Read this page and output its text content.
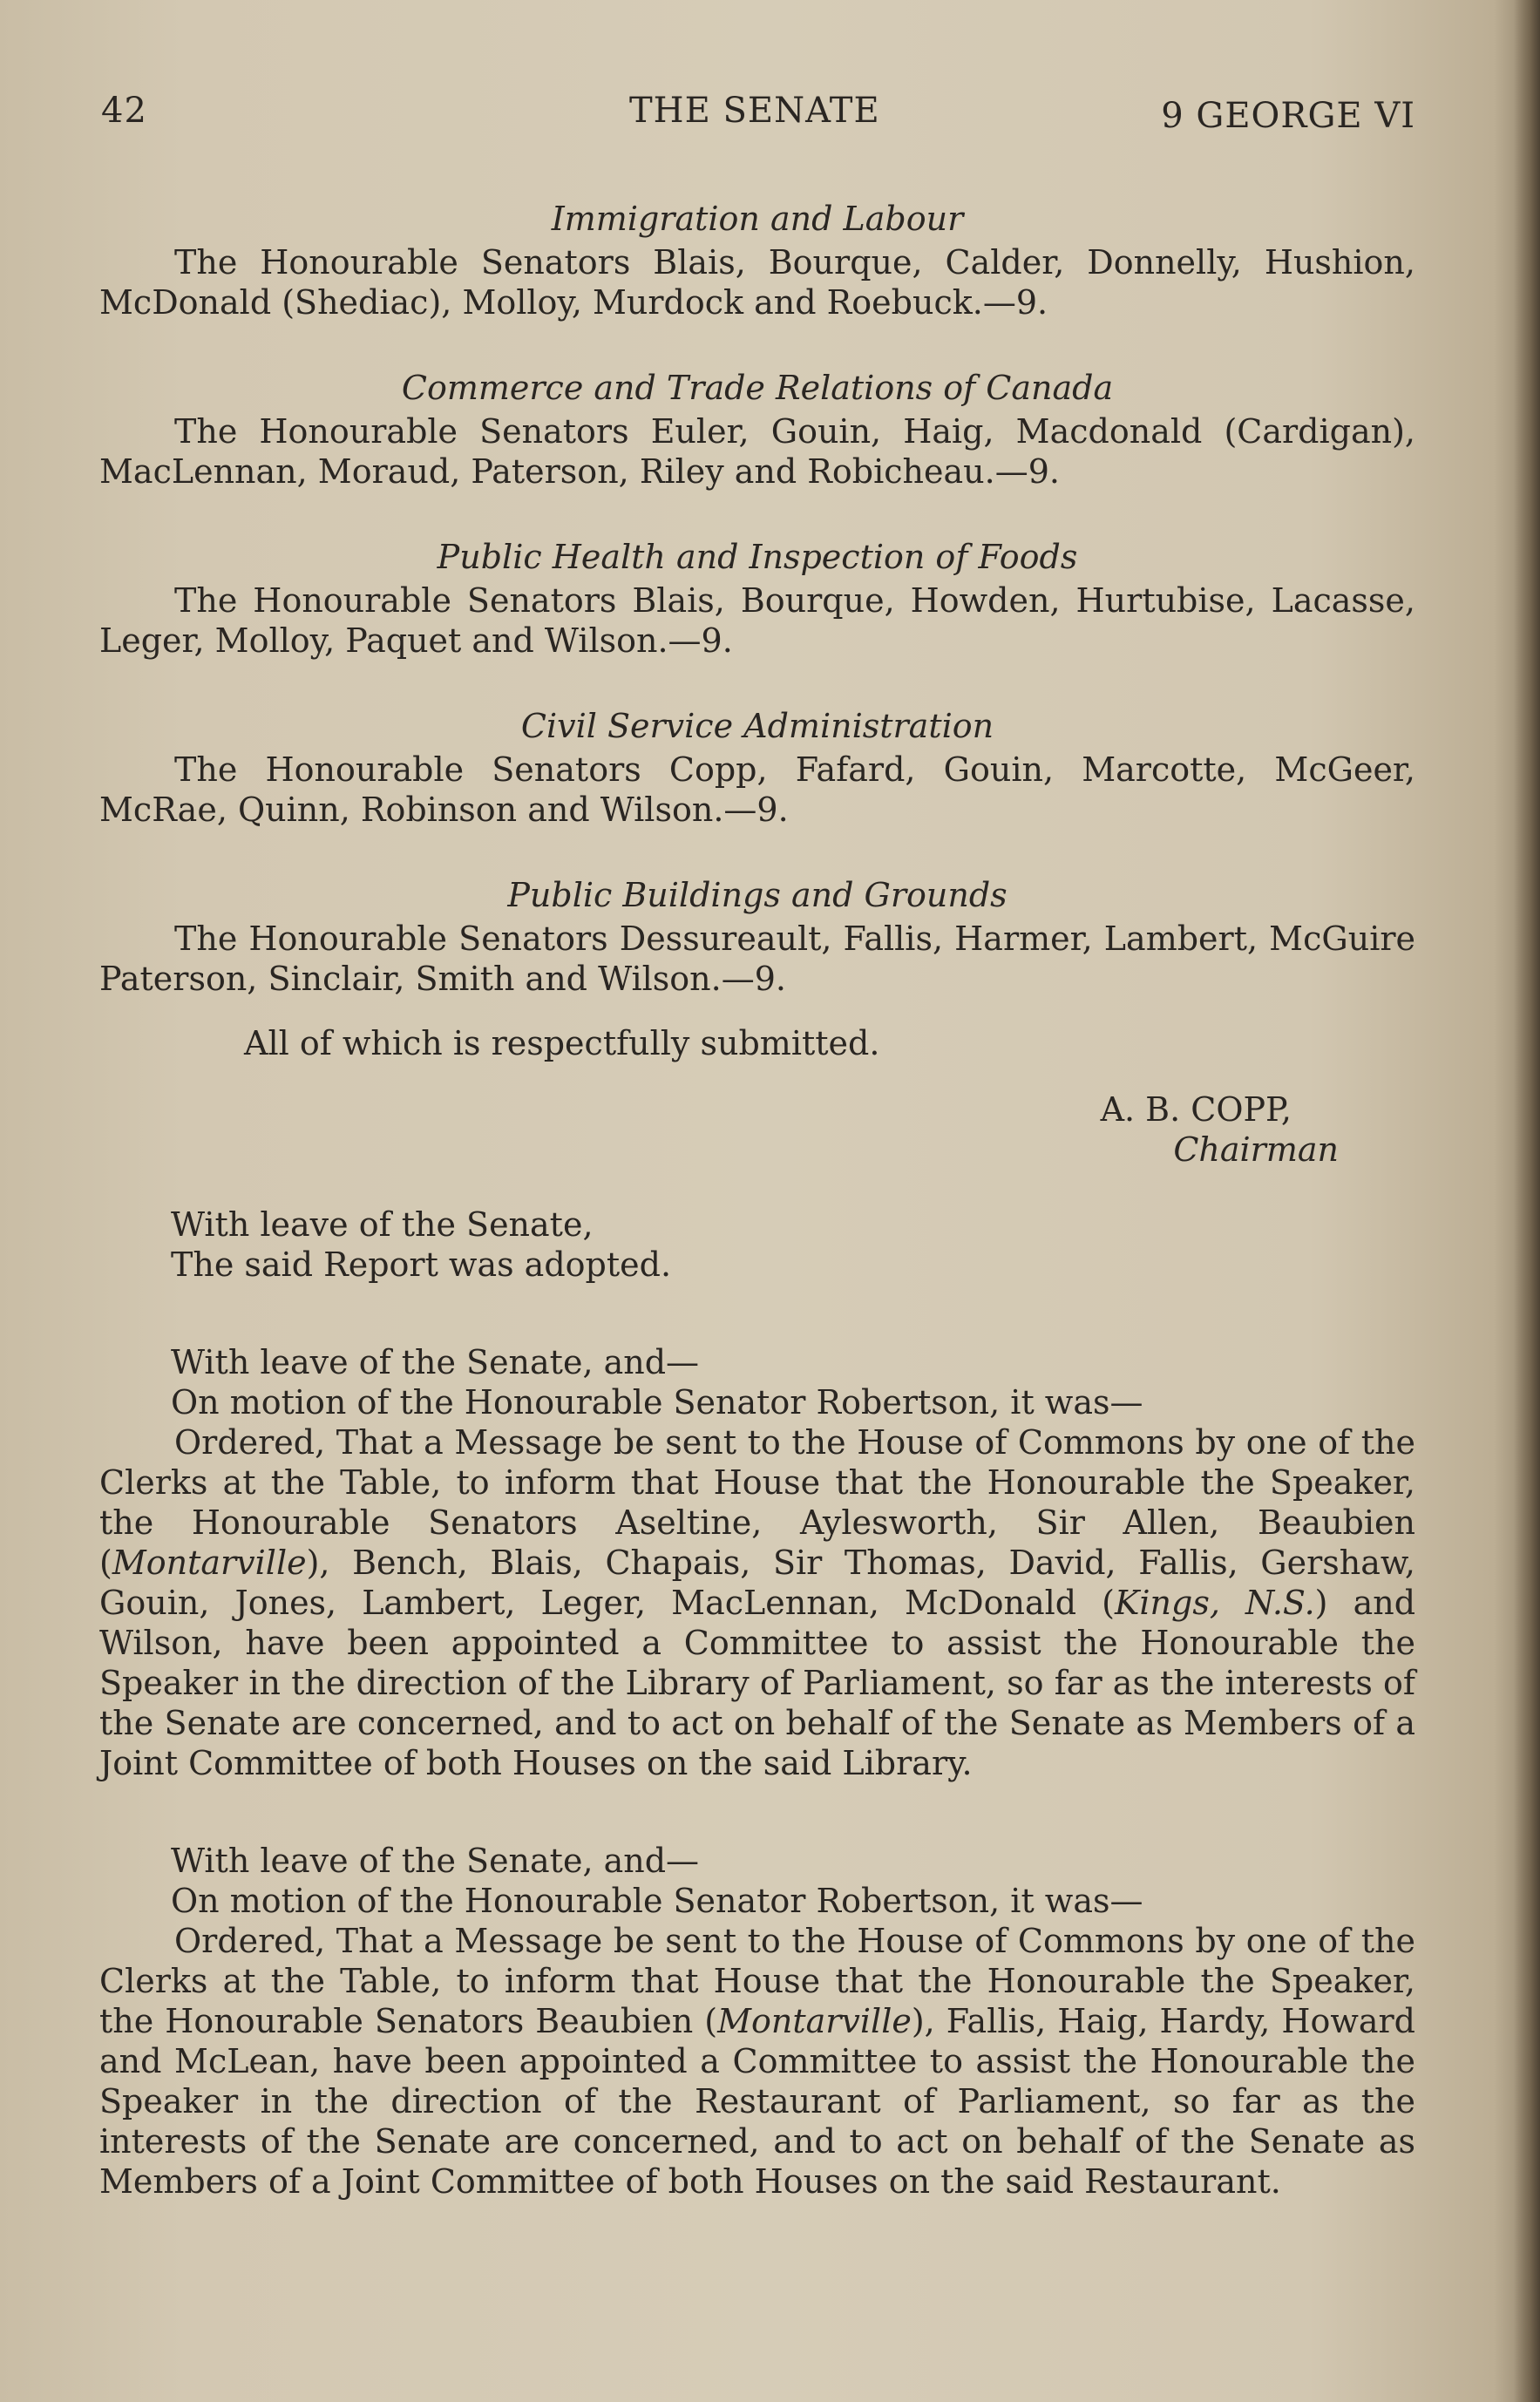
42	THE SENATE	9 GEORGE VI
Immigration and Labour
The Honourable Senators Blais, Bourque, Calder, Donnelly, Hushion, McDonald (Shediac), Molloy, Murdock and Roebuck.—9.
Commerce and Trade Relations of Canada
The Honourable Senators Euler, Gouin, Haig, Macdonald (Cardigan), MacLennan, Moraud, Paterson, Riley and Robicheau.—9.
Public Health and Inspection of Foods
The Honourable Senators Blais, Bourque, Howden, Hurtubise, Lacasse, Leger, Molloy, Paquet and Wilson.—9.
Civil Service Administration
The Honourable Senators Copp, Fafard, Gouin, Marcotte, McGeer, McRae, Quinn, Robinson and Wilson.—9.
Public Buildings and Grounds
The Honourable Senators Dessureault, Fallis, Harmer, Lambert, McGuire Paterson, Sinclair, Smith and Wilson.—9.
All of which is respectfully submitted.
A. B. COPP,
Chairman

With leave of the Senate,

The said Report was adopted.

With leave of the Senate, and—

On motion of the Honourable Senator Robertson, it was—

Ordered, That a Message be sent to the House of Commons by one of the Clerks at the Table, to inform that House that the Honourable the Speaker, the Honourable Senators Aseltine, Aylesworth, Sir Allen, Beaubien (Montarville), Bench, Blais, Chapais, Sir Thomas, David, Fallis, Gershaw, Gouin, Jones, Lambert, Leger, MacLennan, McDonald (Kings, N.S.) and Wilson, have been appointed a Committee to assist the Honourable the Speaker in the direction of the Library of Parliament, so far as the interests of the Senate are concerned, and to act on behalf of the Senate as Members of a Joint Committee of both Houses on the said Library.

With leave of the Senate, and—

On motion of the Honourable Senator Robertson, it was—

Ordered, That a Message be sent to the House of Commons by one of the Clerks at the Table, to inform that House that the Honourable the Speaker, the Honourable Senators Beaubien (Montarville), Fallis, Haig, Hardy, Howard and McLean, have been appointed a Committee to assist the Honourable the Speaker in the direction of the Restaurant of Parliament, so far as the interests of the Senate are concerned, and to act on behalf of the Senate as Members of a Joint Committee of both Houses on the said Restaurant.
